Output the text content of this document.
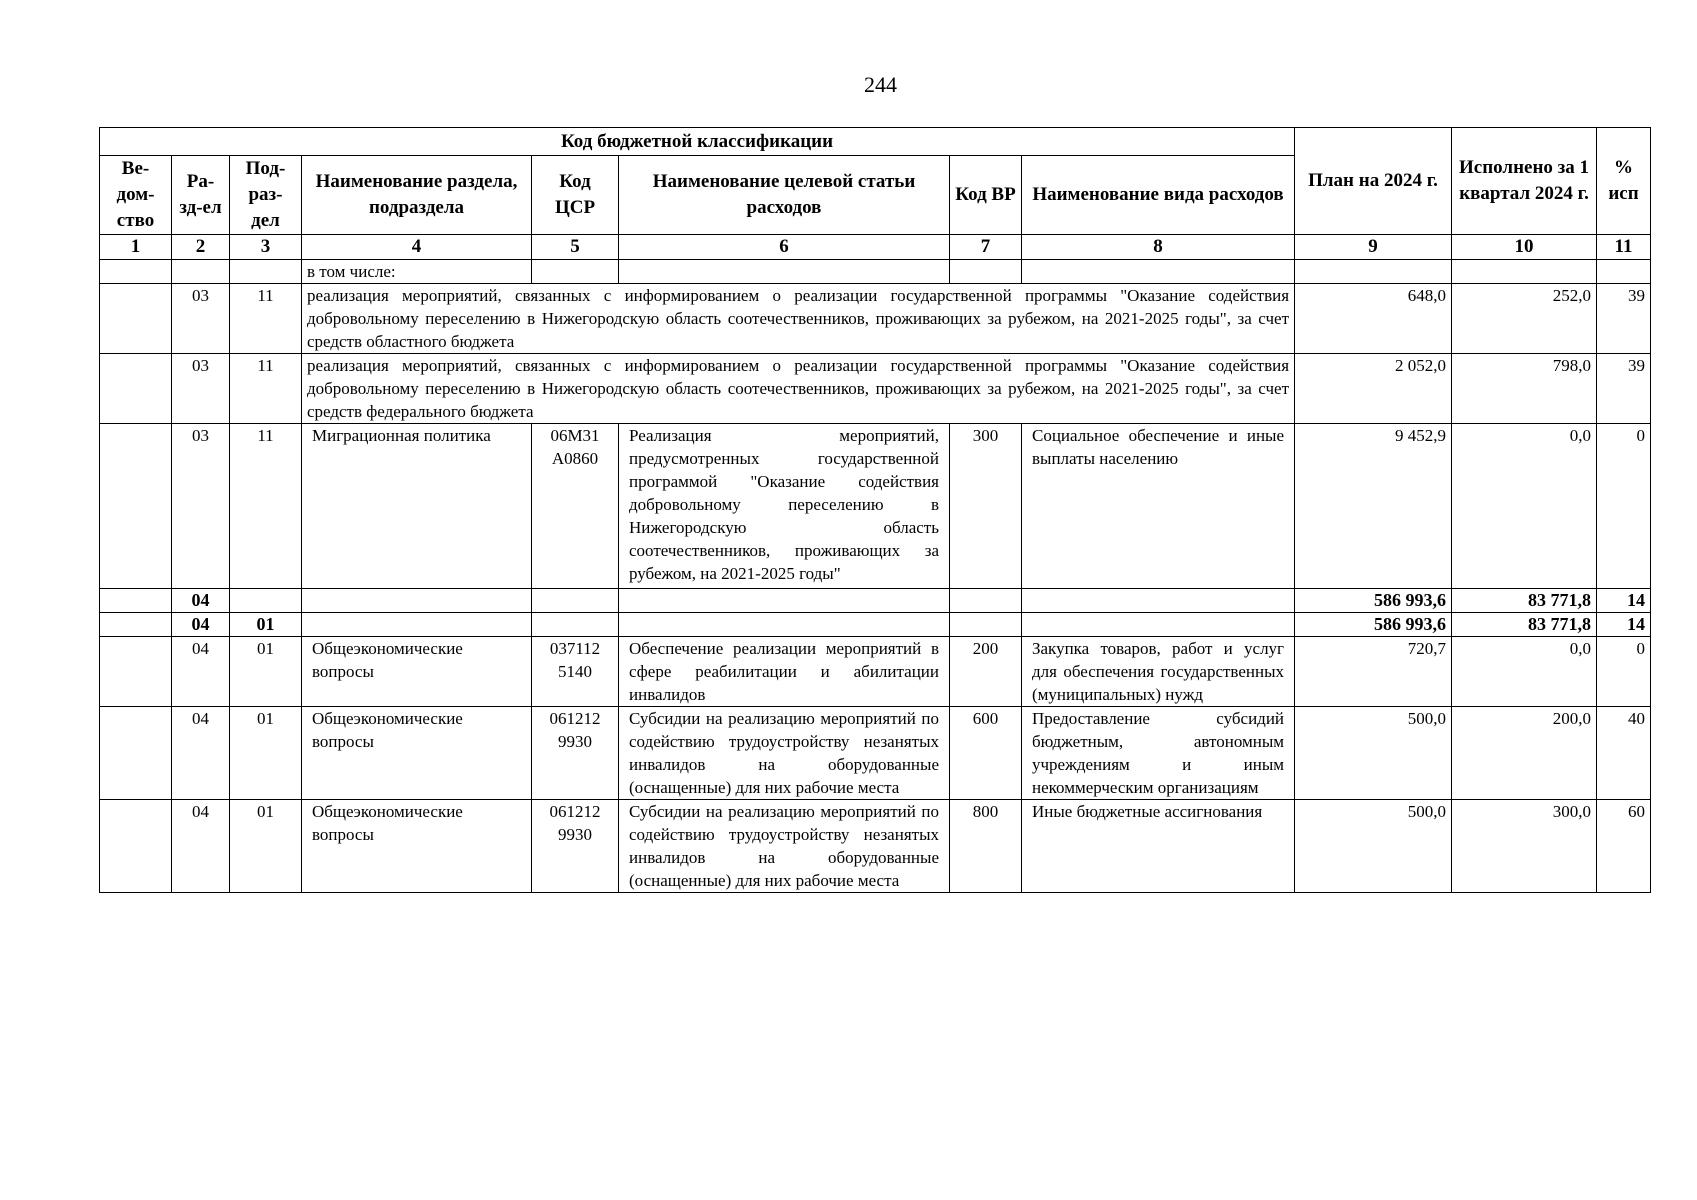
244
Код бюджетной классификации								План на 2024 г.	Исполнено за 1 квартал 2024 г.	% исп
Ве-дом-ство	Ра-зд-ел	Под-раз-дел	Наименование раздела, подраздела	Код ЦСР	Наименование целевой статьи расходов	Код ВР	Наименование вида расходов			
1	2	3	4	5	6	7	8	9	10	11
			в том числе:							
	03	11	реализация мероприятий, связанных с информированием о реализации государственной программы "Оказание содействия добровольному переселению в Нижегородскую область соотечественников, проживающих за рубежом, на 2021-2025 годы", за счет средств областного бюджета					648,0	252,0	39
	03	11	реализация мероприятий, связанных с информированием о реализации государственной программы "Оказание содействия добровольному переселению в Нижегородскую область соотечественников, проживающих за рубежом, на 2021-2025 годы", за счет средств федерального бюджета					2 052,0	798,0	39
	03	11	Миграционная политика	06М31 А0860	Реализация мероприятий, предусмотренных государственной программой "Оказание содействия добровольному переселению в Нижегородскую область соотечественников, проживающих за рубежом, на 2021-2025 годы"	300	Социальное обеспечение и иные выплаты населению	9 452,9	0,0	0
	04							586 993,6	83 771,8	14
	04	01						586 993,6	83 771,8	14
	04	01	Общеэкономические вопросы	037112 5140	Обеспечение реализации мероприятий в сфере реабилитации и абилитации инвалидов	200	Закупка товаров, работ и услуг для обеспечения государственных (муниципальных) нужд	720,7	0,0	0
	04	01	Общеэкономические вопросы	061212 9930	Субсидии на реализацию мероприятий по содействию трудоустройству незанятых инвалидов на оборудованные (оснащенные) для них рабочие места	600	Предоставление субсидий бюджетным, автономным учреждениям и иным некоммерческим организациям	500,0	200,0	40
	04	01	Общеэкономические вопросы	061212 9930	Субсидии на реализацию мероприятий по содействию трудоустройству незанятых инвалидов на оборудованные (оснащенные) для них рабочие места	800	Иные бюджетные ассигнования	500,0	300,0	60
